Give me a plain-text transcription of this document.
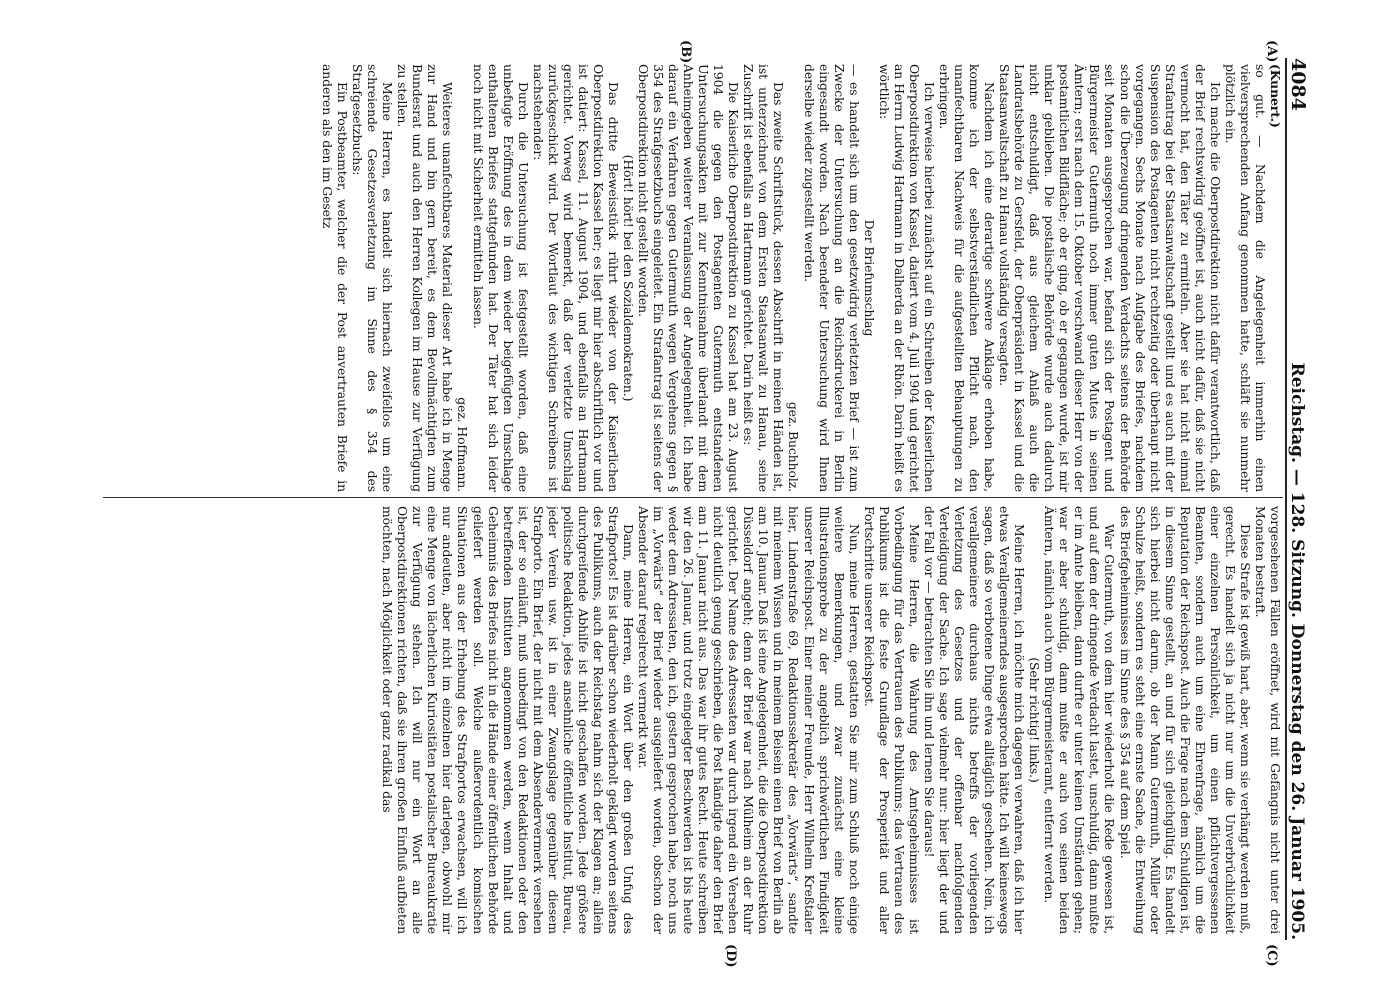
4084
Reichstag. — 128. Sitzung. Donnerstag den 26. Januar 1905.
(A)
(B)
(C)
(D)

(Kunert.)

so gut. — Nachdem die Angelegenheit immerhin einen vielversprechenden Anfang genommen hatte, schläft sie nunmehr plötzlich ein.

Ich mache die Oberpostdirektion nicht dafür verantwortlich, daß der Brief rechtswidrig geöffnet ist, auch nicht dafür, daß sie nicht vermocht hat, den Täter zu ermitteln. Aber sie hat nicht einmal Strafantrag bei der Staatsanwaltschaft gestellt und es auch mit der Suspension des Postagenten nicht rechtzeitig oder überhaupt nicht vorgegangen. Sechs Monate nach Aufgabe des Briefes, nachdem schon die Überzeugung dringenden Verdachts seitens der Behörde seit Monaten ausgesprochen war, befand sich der Postagent und Bürgermeister Gutermuth noch immer guten Mutes in seinen Ämtern; erst nach dem 15. Oktober verschwand dieser Herr von der postamtlichen Bildfläche; ob er ging, ob er gegangen wurde, ist mir unklar geblieben. Die postalische Behörde wurde auch dadurch nicht entschuldigt, daß aus gleichem Anlaß auch die Landratsbehörde zu Gersfeld, der Oberpräsident in Kassel und die Staatsanwaltschaft zu Hanau vollständig versagten.

Nachdem ich eine derartige schwere Anklage erhoben habe, komme ich der selbstverständlichen Pflicht nach, den unanfechtbaren Nachweis für die aufgestellten Behauptungen zu erbringen.

Ich verweise hierbei zunächst auf ein Schreiben der Kaiserlichen Oberpostdirektion von Kassel, datiert vom 4. Juli 1904 und gerichtet an Herrn Ludwig Hartmann in Dalherda an der Rhön. Darin heißt es wörtlich:

Der Briefumschlag

— es handelt sich um den gesetzwidrig verletzten Brief — ist zum Zwecke der Untersuchung an die Reichsdruckerei in Berlin eingesandt worden. Nach beendeter Untersuchung wird Ihnen derselbe wieder zugestellt werden.

gez. Buchholz.

Das zweite Schriftstück, dessen Abschrift in meinen Händen ist, ist unterzeichnet von dem Ersten Staatsanwalt zu Hanau, seine Zuschrift ist ebenfalls an Hartmann gerichtet. Darin heißt es:

Die Kaiserliche Oberpostdirektion zu Kassel hat am 23. August 1904 die gegen den Postagenten Gutermuth entstandenen Untersuchungsakten mit zur Kenntnisnahme überlandt mit dem Anheimgeben weiterer Veranlassung der Angelegenheit. Ich habe darauf ein Verfahren gegen Gutermuth wegen Vergehens gegen § 354 des Strafgesetzbuchs eingeleitet. Ein Strafantrag ist seitens der Oberpostdirektion nicht gestellt worden.

(Hört! hört! bei den Sozialdemokraten.)

Das dritte Beweisstück rührt wieder von der Kaiserlichen Oberpostdirektion Kassel her; es liegt mir hier abschriftlich vor und ist datiert: Kassel, 11. August 1904, und ebenfalls an Hartmann gerichtet. Vorweg wird bemerkt, daß der verletzte Umschlag zurückgeschickt wird. Der Wortlaut des wichtigen Schreibens ist nachstehender:

Durch die Untersuchung ist festgestellt worden, daß eine unbefugte Eröffnung des in dem wieder beigefügten Umschlage enthaltenen Briefes stattgefunden hat. Der Täter hat sich leider noch nicht mit Sicherheit ermitteln lassen.

gez. Hoffmann.

Weiteres unanfechtbares Material dieser Art habe ich in Menge zur Hand und bin gern bereit, es dem Bevollmächtigten zum Bundesrat und auch den Herren Kollegen im Hause zur Verfügung zu stellen.

Meine Herren, es handelt sich hiernach zweifellos um eine schreiende Gesetzesverletzung im Sinne des § 354 des Strafgesetzbuchs:

Ein Postbeamter, welcher die der Post anvertrauten Briefe in anderen als den im Gesetz

vorgesehenen Fällen eröffnet, wird mit Gefängnis nicht unter drei Monaten bestraft.

Diese Strafe ist gewiß hart, aber, wenn sie verhängt werden muß, gerecht. Es handelt sich ja nicht nur um die Unverbrüchlichkeit einer einzelnen Persönlichkeit, um einen pflichtvergessenen Beamten, sondern auch um eine Ehrenfrage, nämlich um die Reputation der Reichspost. Auch die Frage nach dem Schuldigen ist, in diesem Sinne gestellt, an und für sich gleichgültig. Es handelt sich hierbei nicht darum, ob der Mann Gutermuth, Müller oder Schulze heißt, sondern es steht eine ernste Sache, die Entweihung des Briefgeheimnisses im Sinne des § 354 auf dem Spiel.

War Gutermuth, von dem hier wiederholt die Rede gewesen ist, und auf dem der dringende Verdacht lastet, unschuldig, dann mußte er im Amte bleiben, dann durfte er unter keinen Umständen gehen; war er aber schuldig, dann mußte er auch von seinen beiden Ämtern, nämlich auch vom Bürgermeisteramt, entfernt werden.

(Sehr richtig! links.)

Meine Herren, ich möchte mich dagegen verwahren, daß ich hier etwas Verallgemeinerndes ausgesprochen hätte. Ich will keineswegs sagen, daß so verbotene Dinge etwa alltäglich geschehen. Nein, ich verallgemeinere durchaus nichts betreffs der vorliegenden Verletzung des Gesetzes und der offenbar nachfolgenden Verteidigung der Sache. Ich sage vielmehr nur: hier liegt der und der Fall vor — betrachten Sie ihn und lernen Sie daraus!

Meine Herren, die Wahrung des Amtsgeheimnisses ist Vorbedingung für das Vertrauen des Publikums; das Vertrauen des Publikums ist die feste Grundlage der Prosperität und aller Fortschritte unserer Reichspost.

Nun, meine Herren, gestatten Sie mir zum Schluß noch einige weitere Bemerkungen, und zwar zunächst eine kleine Illustrationsprobe zu der angeblich sprichwörtlichen Findigkeit unserer Reichspost. Einer meiner Freunde, Herr Wilhelm Kreßtaler hier, Lindenstraße 69, Redaktionssekretär des „Vorwärts“, sandte mit meinem Wissen und in meinem Beisein einen Brief von Berlin ab am 10. Januar. Daß ist eine Angelegenheit, die die Oberpostdirektion Düsseldorf angeht; denn der Brief war nach Mülheim an der Ruhr gerichtet. Der Name des Adressaten war durch irgend ein Versehen nicht deutlich genug geschrieben, die Post händigte daher den Brief am 11. Januar nicht aus. Das war ihr gutes Recht. Heute schreiben wir den 26. Januar, und trotz eingelegter Beschwerden ist bis heute weder dem Adressaten, den ich, gestern gesprochen habe, noch uns im „Vorwärts“ der Brief wieder ausgeliefert worden, obschon der Absender darauf regelrecht vermerkt war.

Dann, meine Herren, ein Wort über den großen Unfug des Strafportos! Es ist darüber schon wiederholt geklagt worden seitens des Publikums, auch der Reichstag nahm sich der Klagen an; allein durchgreifende Abhilfe ist nicht geschaffen worden. Jede größere politische Redaktion, jedes ansehnliche öffentliche Institut, Bureau, jeder Verein usw. ist in einer Zwangslage gegenüber diesem Strafporto. Ein Brief, der nicht mit dem Absendervermerk versehen ist, der so einläuft, muß unbedingt von den Redaktionen oder den betreffenden Instituten angenommen werden, wenn Inhalt und Geheimnis des Briefes nicht in die Hände einer öffentlichen Behörde geliefert werden soll. Welche außerordentlich komischen Situationen aus der Erhebung des Strafportos erwachsen, will ich nur andeuten, aber nicht im einzelnen hier darlegen, obwohl mir eine Menge von lächerlichen Kuriositäten postalischer Bureaukratie zur Verfügung stehen. Ich will nur ein Wort an alle Oberpostdirektionen richten, daß sie ihren großen Einfluß aufbieten möchten, nach Möglichkeit oder ganz radikal das
